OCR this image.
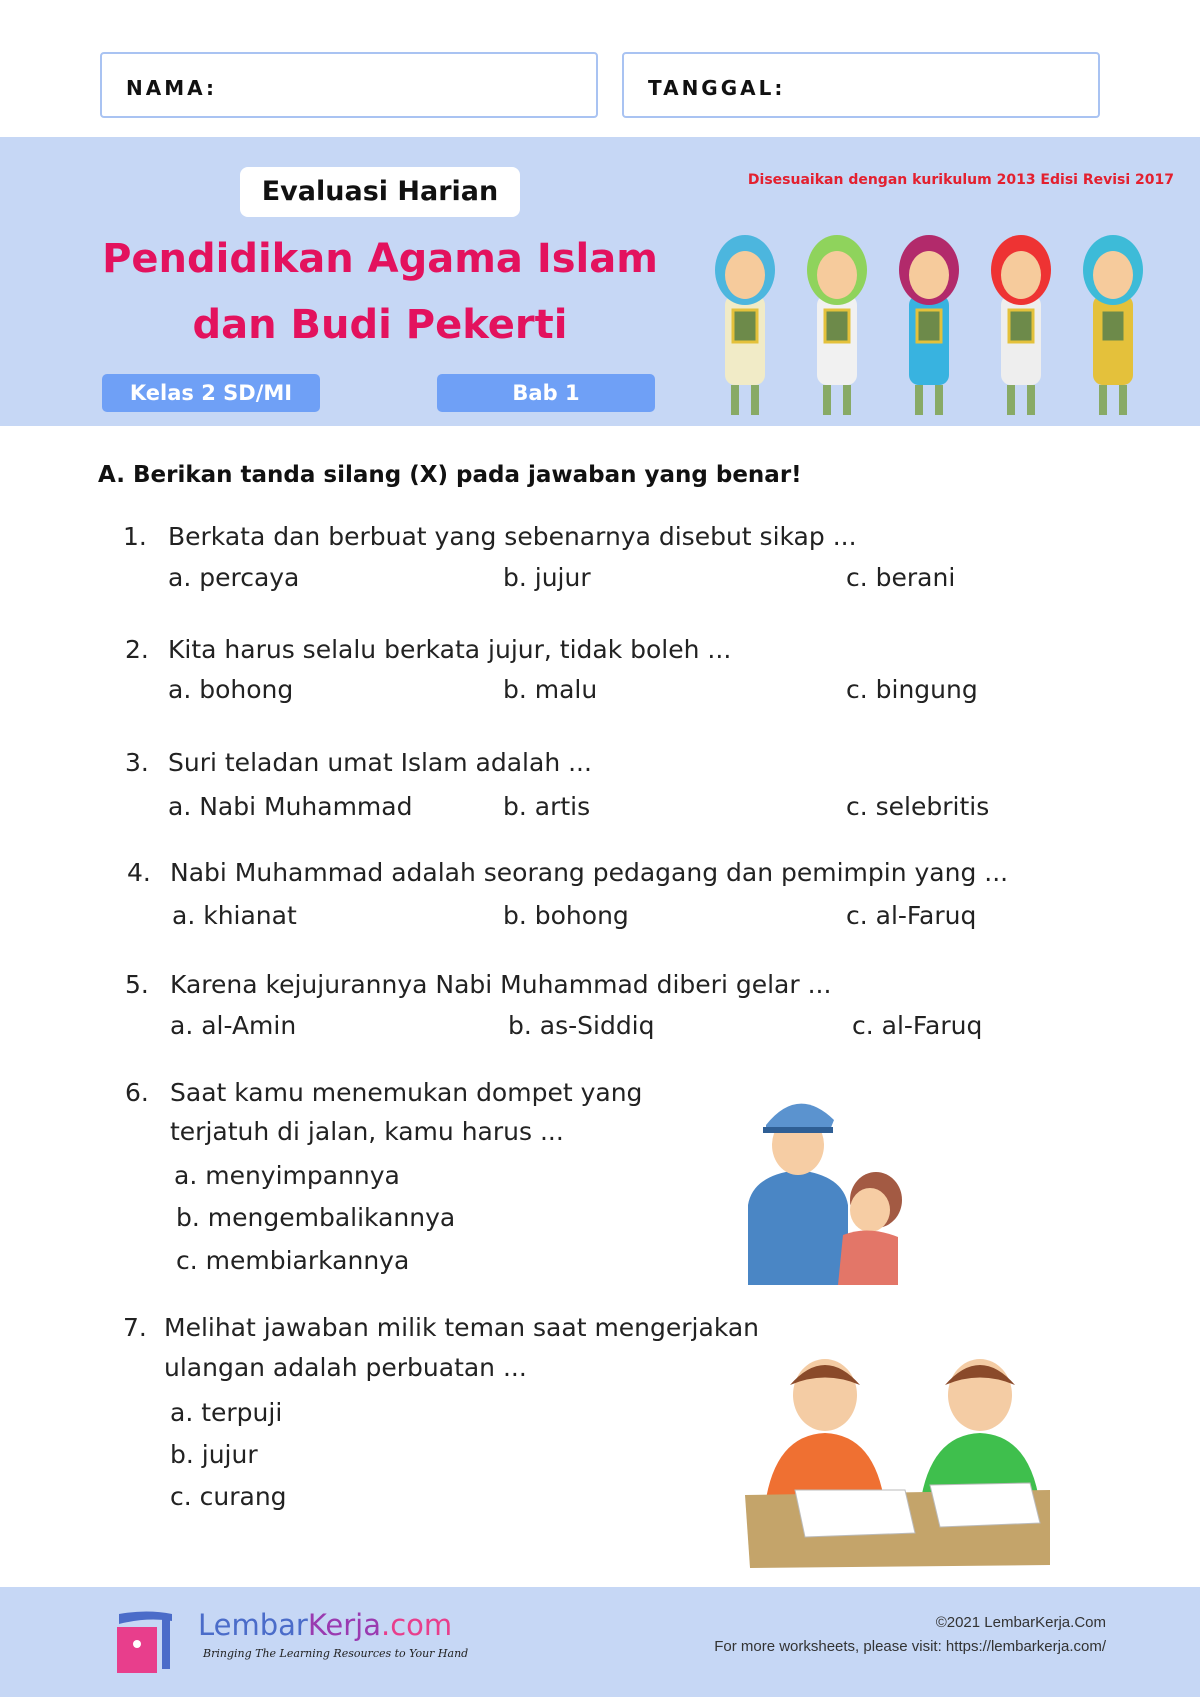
NAMA:	TANGGAL:
Evaluasi Harian
Pendidikan Agama Islam
dan Budi Pekerti
Kelas 2 SD/MI	Bab 1
Disesuaikan dengan kurikulum 2013 Edisi Revisi 2017
A. Berikan tanda silang (X) pada jawaban yang benar!
1. Berkata dan berbuat yang sebenarnya disebut sikap ...
a. percaya	b. jujur	c. berani
2. Kita harus selalu berkata jujur, tidak boleh ...
a. bohong	b. malu	c. bingung
3. Suri teladan umat Islam adalah ...
a. Nabi Muhammad	b. artis	c. selebritis
4. Nabi Muhammad adalah seorang pedagang dan pemimpin yang ...
a. khianat	b. bohong	c. al-Faruq
5. Karena kejujurannya Nabi Muhammad diberi gelar ...
a. al-Amin	b. as-Siddiq	c. al-Faruq
6. Saat kamu menemukan dompet yang
terjatuh di jalan, kamu harus ...
a. menyimpannya
b. mengembalikannya
c. membiarkannya
7. Melihat jawaban milik teman saat mengerjakan
ulangan adalah perbuatan ...
a. terpuji
b. jujur
c. curang
LembarKerja.com
Bringing The Learning Resources to Your Hand
©2021 LembarKerja.Com
For more worksheets, please visit: https://lembarkerja.com/
